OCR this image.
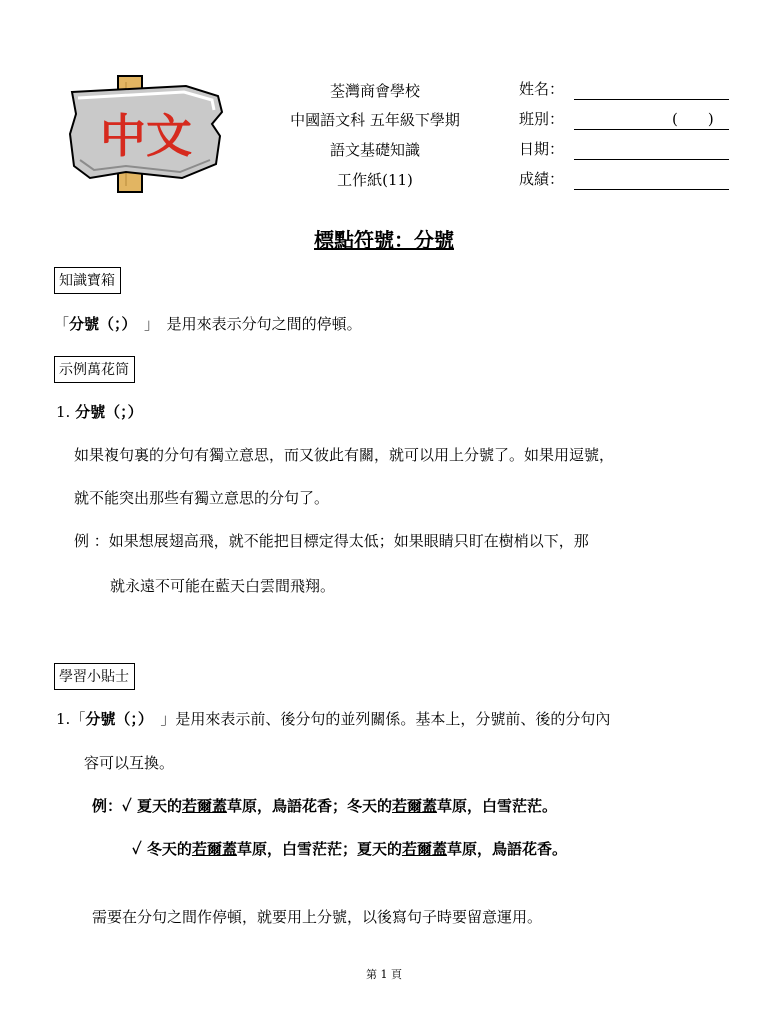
中文
荃灣商會學校
中國語文科 五年級下學期
語文基礎知識
工作紙(11)
姓名：
班別：	(　　)
日期：
成績：
標點符號：分號
知識寶箱
「分號（；）　 」　 是用來表示分句之間的停頓。
示例萬花筒
1. 分號（；）
如果複句裏的分句有獨立意思，而又彼此有關，就可以用上分號了。如果用逗號，
就不能突出那些有獨立意思的分句了。
例 ：如果想展翅高飛，就不能把目標定得太低；如果眼睛只盯在樹梢以下，那
就永遠不可能在藍天白雲間飛翔。
學習小貼士
1.「分號（；）　 」是用來表示前、後分句的並列關係。基本上，分號前、後的分句內
容可以互換。
例：✓ 夏天的若爾蓋草原，鳥語花香；冬天的若爾蓋草原，白雪茫茫。
✓ 冬天的若爾蓋草原，白雪茫茫；夏天的若爾蓋草原，鳥語花香。
需要在分句之間作停頓，就要用上分號，以後寫句子時要留意運用。
第 1 頁
